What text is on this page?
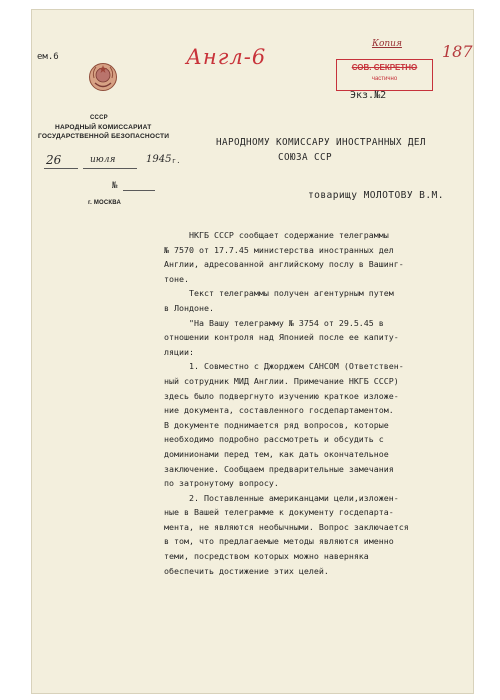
ем.6	Англ-6	187
Копия
СОВ. СЕКРЕТНО
частично
Экз.№2
СССР
НАРОДНЫЙ КОМИССАРИАТ
ГОСУДАРСТВЕННОЙ БЕЗОПАСНОСТИ
26	июля	1945 г.
№
г. МОСКВА
НАРОДНОМУ КОМИССАРУ ИНОСТРАННЫХ ДЕЛ
СОЮЗА ССР
товарищу МОЛОТОВУ В.М.

НКГБ СССР сообщает содержание телеграммы

№ 7570 от 17.7.45 министерства иностранных дел

Англии, адресованной английскому послу в Вашинг-

тоне.

Текст телеграммы получен агентурным путем

в Лондоне.

"На Вашу телеграмму № 3754 от 29.5.45 в

отношении контроля над Японией после ее капиту-

ляции:

1. Совместно с Джорджем САНСОМ (Ответствен-

ный сотрудник МИД Англии. Примечание НКГБ СССР)

здесь было подвергнуто изучению краткое изложе-

ние документа, составленного госдепартаментом.

В документе поднимается ряд вопросов, которые

необходимо подробно рассмотреть и обсудить с

доминионами перед тем, как дать окончательное

заключение. Сообщаем предварительные замечания

по затронутому вопросу.

2. Поставленные американцами цели,изложен-

ные в Вашей телеграмме к документу госдепарта-

мента, не являются необычными. Вопрос заключается

в том, что предлагаемые методы являются именно

теми, посредством которых можно наверняка

обеспечить достижение этих целей.
